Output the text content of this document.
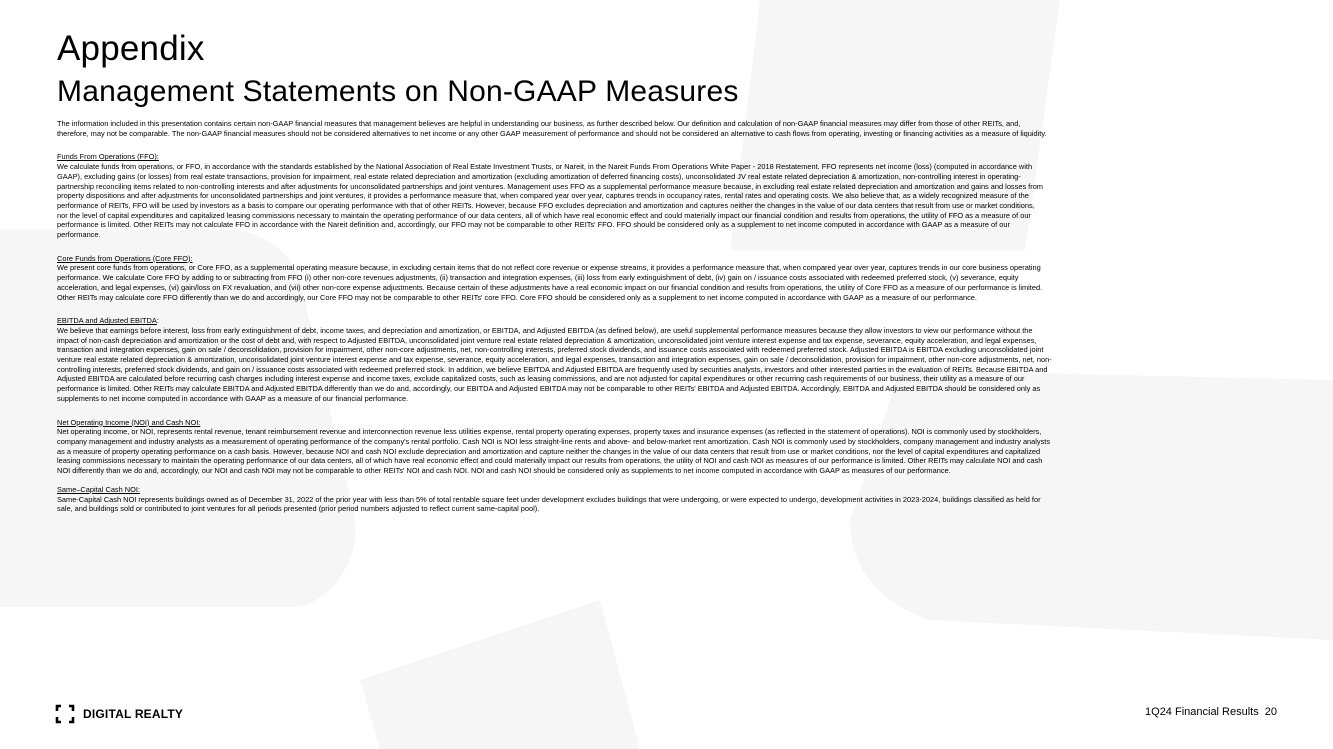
Appendix
Management Statements on Non-GAAP Measures

The information included in this presentation contains certain non-GAAP financial measures that management believes are helpful in understanding our business, as further described below. Our definition and calculation of non-GAAP financial measures may differ from those of other REITs, and,
therefore, may not be comparable. The non-GAAP financial measures should not be considered alternatives to net income or any other GAAP measurement of performance and should not be considered an alternative to cash flows from operating, investing or financing activities as a measure of liquidity.

Funds From Operations (FFO):

We calculate funds from operations, or FFO, in accordance with the standards established by the National Association of Real Estate Investment Trusts, or Nareit, in the Nareit Funds From Operations White Paper - 2018 Restatement. FFO represents net income (loss) (computed in accordance with
GAAP), excluding gains (or losses) from real estate transactions, provision for impairment, real estate related depreciation and amortization (excluding amortization of deferred financing costs), unconsolidated JV real estate related depreciation & amortization, non-controlling interest in operating-
partnership reconciling items related to non-controlling interests and after adjustments for unconsolidated partnerships and joint ventures. Management uses FFO as a supplemental performance measure because, in excluding real estate related depreciation and amortization and gains and losses from
property dispositions and after adjustments for unconsolidated partnerships and joint ventures, it provides a performance measure that, when compared year over year, captures trends in occupancy rates, rental rates and operating costs. We also believe that, as a widely recognized measure of the
performance of REITs, FFO will be used by investors as a basis to compare our operating performance with that of other REITs. However, because FFO excludes depreciation and amortization and captures neither the changes in the value of our data centers that result from use or market conditions,
nor the level of capital expenditures and capitalized leasing commissions necessary to maintain the operating performance of our data centers, all of which have real economic effect and could materially impact our financial condition and results from operations, the utility of FFO as a measure of our
performance is limited. Other REITs may not calculate FFO in accordance with the Nareit definition and, accordingly, our FFO may not be comparable to other REITs' FFO. FFO should be considered only as a supplement to net income computed in accordance with GAAP as a measure of our
performance.

Core Funds from Operations (Core FFO):

We present core funds from operations, or Core FFO, as a supplemental operating measure because, in excluding certain items that do not reflect core revenue or expense streams, it provides a performance measure that, when compared year over year, captures trends in our core business operating
performance. We calculate Core FFO by adding to or subtracting from FFO (i) other non-core revenues adjustments, (ii) transaction and integration expenses, (iii) loss from early extinguishment of debt, (iv) gain on / issuance costs associated with redeemed preferred stock, (v) severance, equity
acceleration, and legal expenses, (vi) gain/loss on FX revaluation, and (vii) other non-core expense adjustments. Because certain of these adjustments have a real economic impact on our financial condition and results from operations, the utility of Core FFO as a measure of our performance is limited.
Other REITs may calculate core FFO differently than we do and accordingly, our Core FFO may not be comparable to other REITs' core FFO. Core FFO should be considered only as a supplement to net income computed in accordance with GAAP as a measure of our performance.

EBITDA and Adjusted EBITDA:

We believe that earnings before interest, loss from early extinguishment of debt, income taxes, and depreciation and amortization, or EBITDA, and Adjusted EBITDA (as defined below), are useful supplemental performance measures because they allow investors to view our performance without the
impact of non-cash depreciation and amortization or the cost of debt and, with respect to Adjusted EBITDA, unconsolidated joint venture real estate related depreciation & amortization, unconsolidated joint venture interest expense and tax expense, severance, equity acceleration, and legal expenses,
transaction and integration expenses, gain on sale / deconsolidation, provision for impairment, other non-core adjustments, net, non-controlling interests, preferred stock dividends, and issuance costs associated with redeemed preferred stock. Adjusted EBITDA is EBITDA excluding unconsolidated joint
venture real estate related depreciation & amortization, unconsolidated joint venture interest expense and tax expense, severance, equity acceleration, and legal expenses, transaction and integration expenses, gain on sale / deconsolidation, provision for impairment, other non-core adjustments, net, non-
controlling interests, preferred stock dividends, and gain on / issuance costs associated with redeemed preferred stock. In addition, we believe EBITDA and Adjusted EBITDA are frequently used by securities analysts, investors and other interested parties in the evaluation of REITs. Because EBITDA and
Adjusted EBITDA are calculated before recurring cash charges including interest expense and income taxes, exclude capitalized costs, such as leasing commissions, and are not adjusted for capital expenditures or other recurring cash requirements of our business, their utility as a measure of our
performance is limited. Other REITs may calculate EBITDA and Adjusted EBITDA differently than we do and, accordingly, our EBITDA and Adjusted EBITDA may not be comparable to other REITs' EBITDA and Adjusted EBITDA. Accordingly, EBITDA and Adjusted EBITDA should be considered only as
supplements to net income computed in accordance with GAAP as a measure of our financial performance.

Net Operating Income (NOI) and Cash NOI:

Net operating income, or NOI, represents rental revenue, tenant reimbursement revenue and interconnection revenue less utilities expense, rental property operating expenses, property taxes and insurance expenses (as reflected in the statement of operations). NOI is commonly used by stockholders,
company management and industry analysts as a measurement of operating performance of the company's rental portfolio. Cash NOI is NOI less straight-line rents and above- and below-market rent amortization. Cash NOI is commonly used by stockholders, company management and industry analysts
as a measure of property operating performance on a cash basis. However, because NOI and cash NOI exclude depreciation and amortization and capture neither the changes in the value of our data centers that result from use or market conditions, nor the level of capital expenditures and capitalized
leasing commissions necessary to maintain the operating performance of our data centers, all of which have real economic effect and could materially impact our results from operations, the utility of NOI and cash NOI as measures of our performance is limited. Other REITs may calculate NOI and cash
NOI differently than we do and, accordingly, our NOI and cash NOI may not be comparable to other REITs' NOI and cash NOI. NOI and cash NOI should be considered only as supplements to net income computed in accordance with GAAP as measures of our performance.

Same–Capital Cash NOI:

Same-Capital Cash NOI represents buildings owned as of December 31, 2022 of the prior year with less than 5% of total rentable square feet under development excludes buildings that were undergoing, or were expected to undergo, development activities in 2023-2024, buildings classified as held for
sale, and buildings sold or contributed to joint ventures for all periods presented (prior period numbers adjusted to reflect current same-capital pool).

DIGITAL REALTY	1Q24 Financial Results 20
